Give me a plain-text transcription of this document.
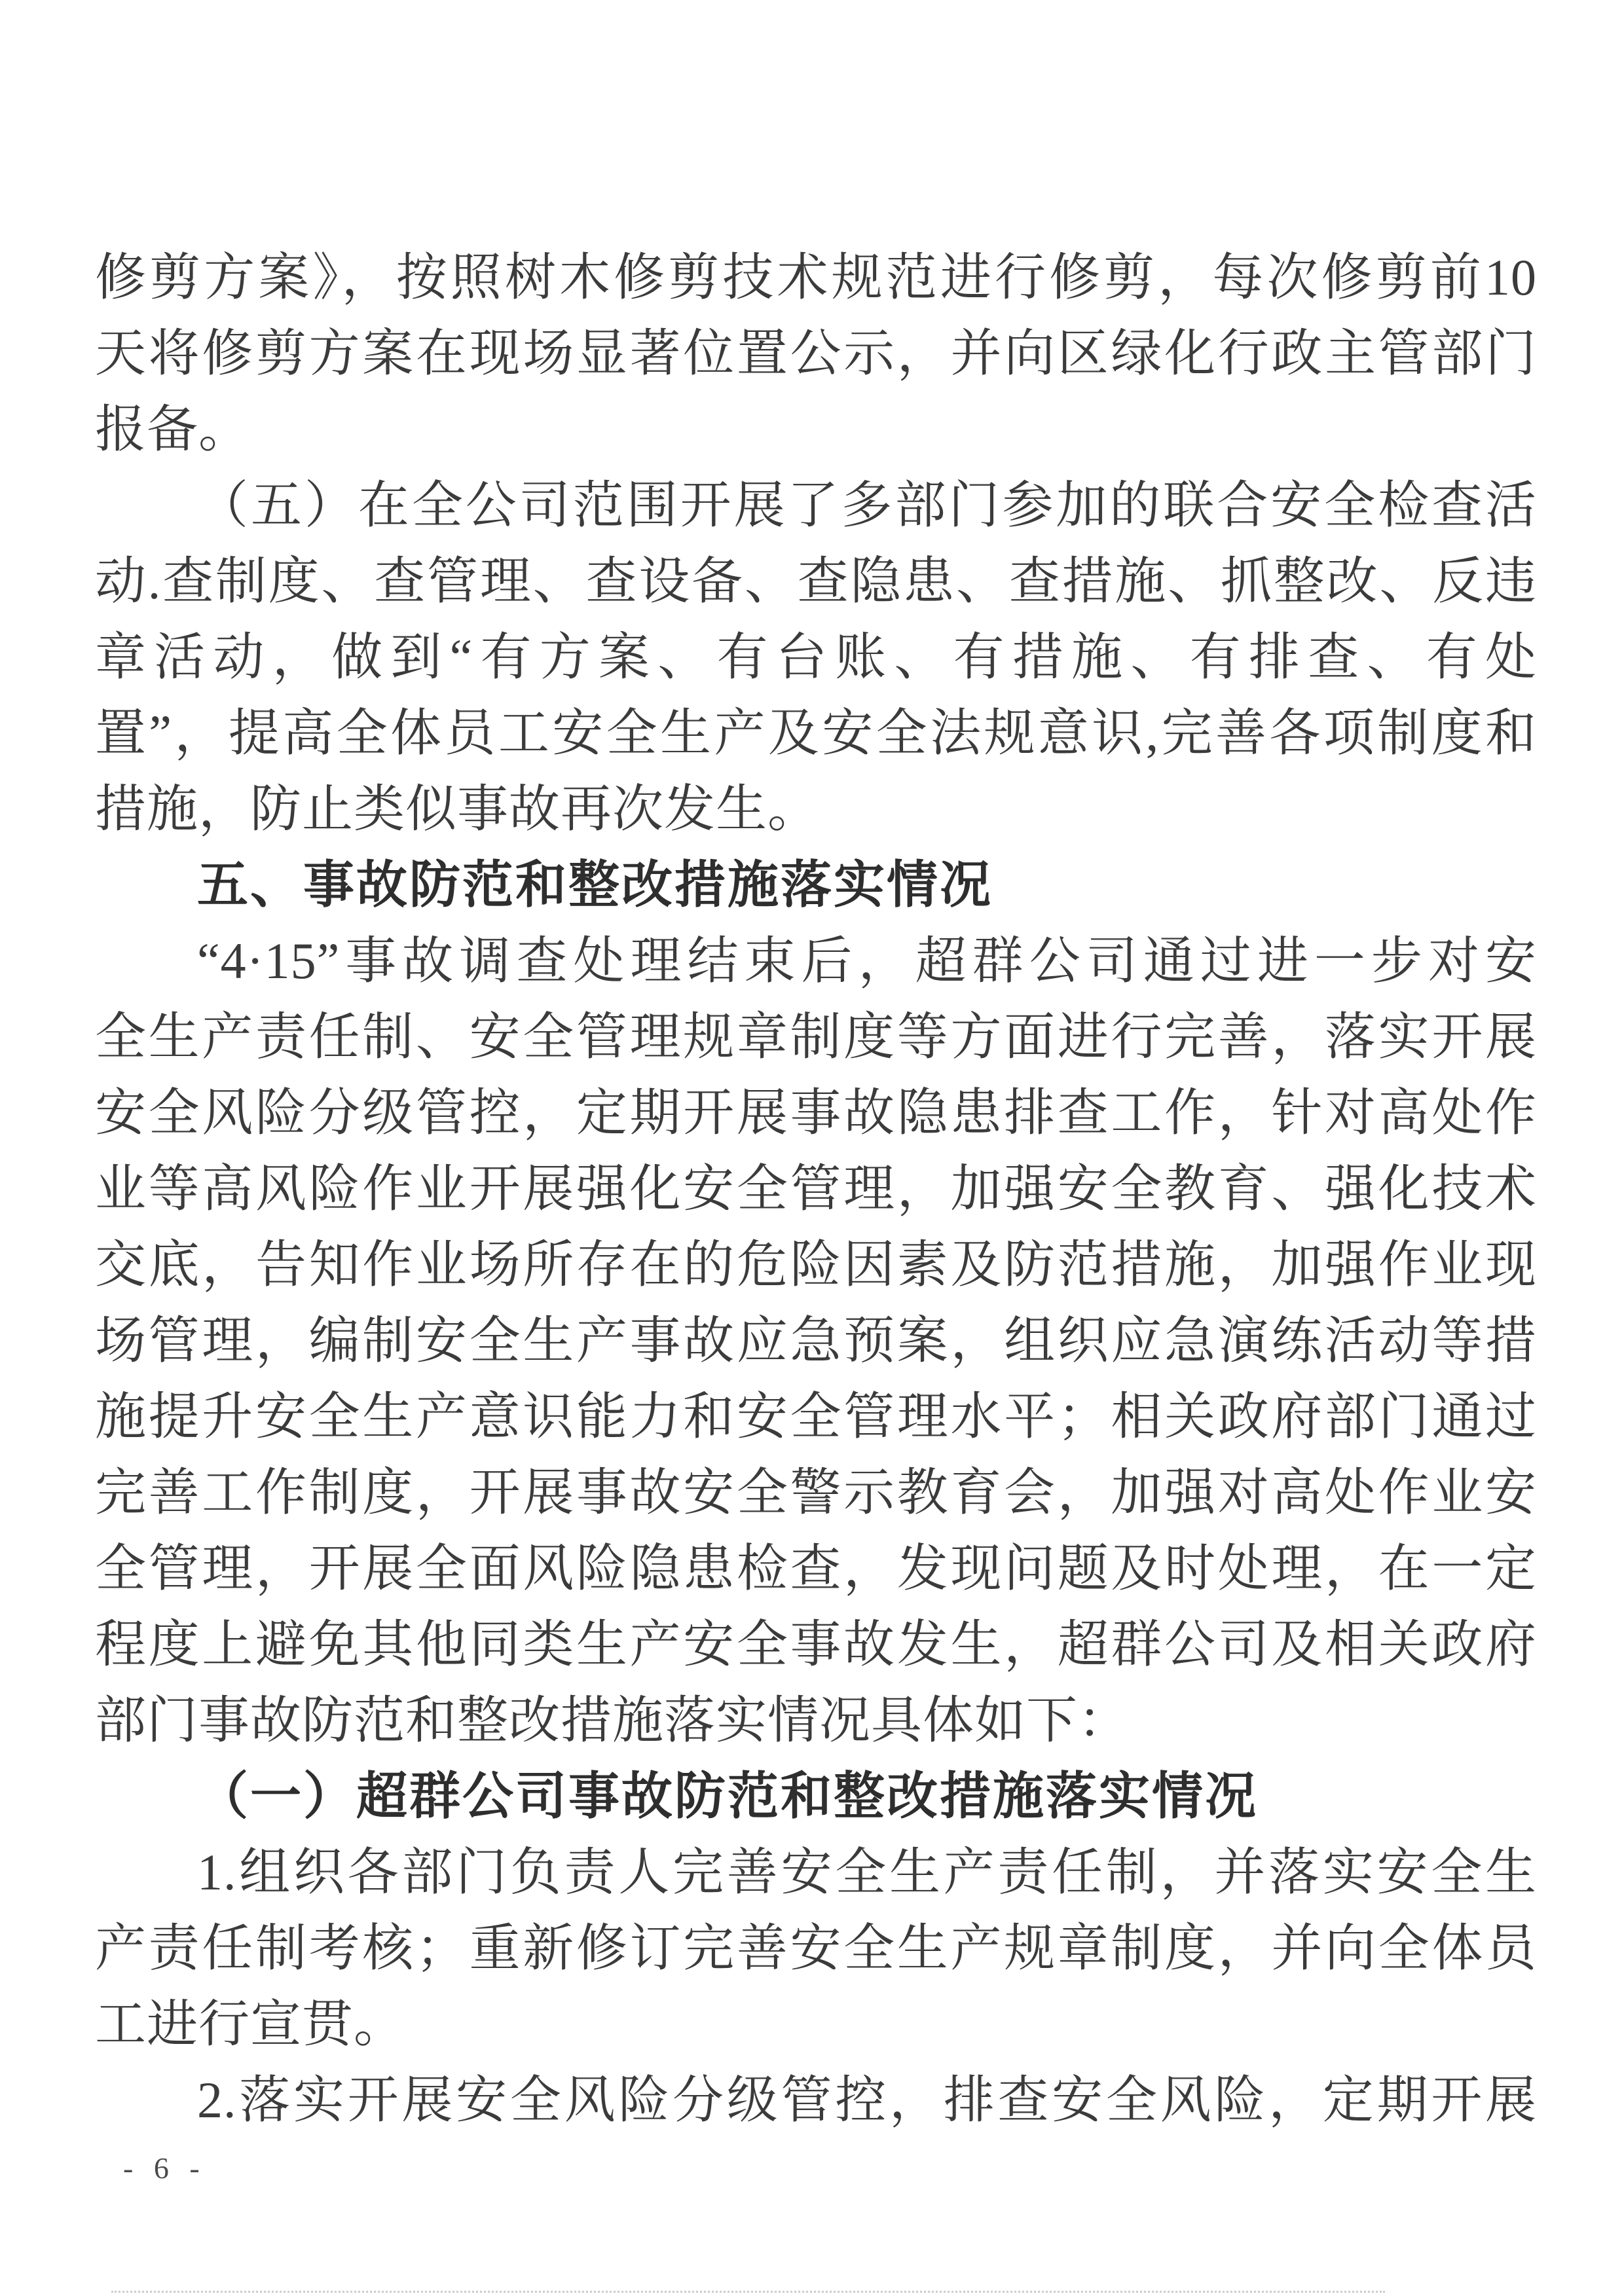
修剪方案》，按照树木修剪技术规范进行修剪，每次修剪前10
天将修剪方案在现场显著位置公示，并向区绿化行政主管部门
报备。
（五）在全公司范围开展了多部门参加的联合安全检查活
动.查制度、查管理、查设备、查隐患、查措施、抓整改、反违
章活动，做到“有方案、有台账、有措施、有排查、有处
置”，提高全体员工安全生产及安全法规意识,完善各项制度和
措施，防止类似事故再次发生。
五、事故防范和整改措施落实情况
“4·15”事故调查处理结束后，超群公司通过进一步对安
全生产责任制、安全管理规章制度等方面进行完善，落实开展
安全风险分级管控，定期开展事故隐患排查工作，针对高处作
业等高风险作业开展强化安全管理，加强安全教育、强化技术
交底，告知作业场所存在的危险因素及防范措施，加强作业现
场管理，编制安全生产事故应急预案，组织应急演练活动等措
施提升安全生产意识能力和安全管理水平；相关政府部门通过
完善工作制度，开展事故安全警示教育会，加强对高处作业安
全管理，开展全面风险隐患检查，发现问题及时处理，在一定
程度上避免其他同类生产安全事故发生，超群公司及相关政府
部门事故防范和整改措施落实情况具体如下：
（一）超群公司事故防范和整改措施落实情况
1.组织各部门负责人完善安全生产责任制，并落实安全生
产责任制考核；重新修订完善安全生产规章制度，并向全体员
工进行宣贯。
2.落实开展安全风险分级管控，排查安全风险，定期开展
- 6 -
